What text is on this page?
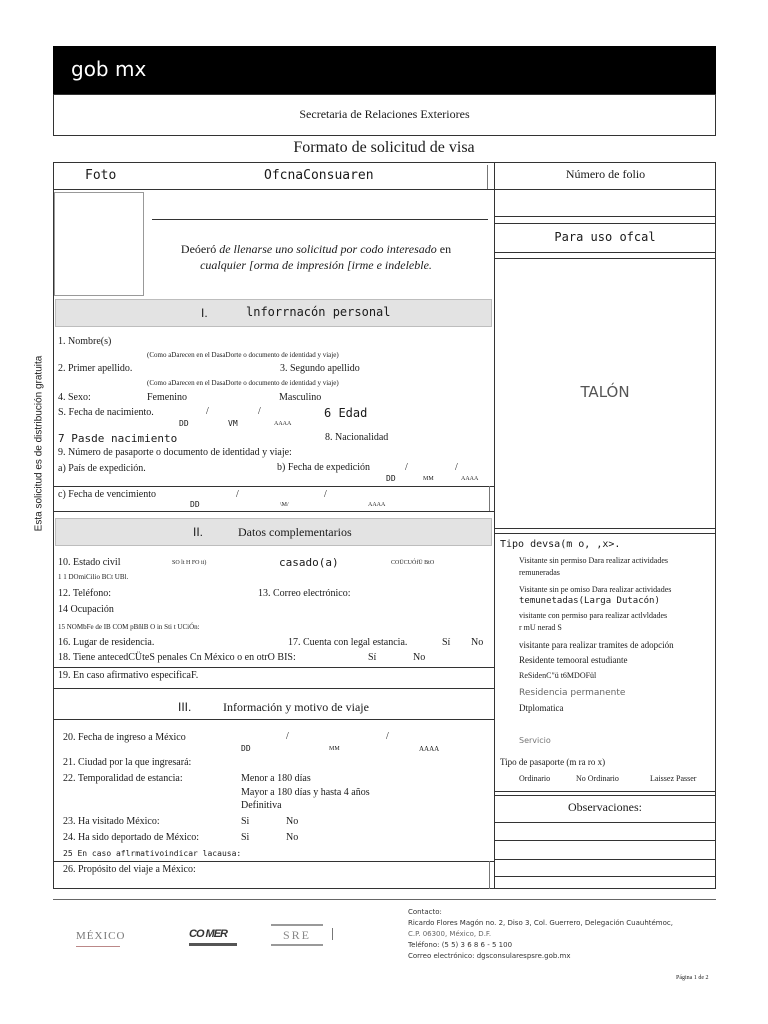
gob mx
Secretaria de Relaciones Exteriores
Formato de solicitud de visa
Foto	OfcnaConsuaren	Número de folio
Deóeró de llenarse uno solicitud por codo interesado en
cualquier [orma de impresión [irme e indeleble.
Para uso ofcal
TALÓN
Esta solicitud es de distribución gratuita
I.	lnforrnacón personal
1. Nombre(s)
(Como aDarecen en el DasaDorte o documento de identidad y viaje)
2. Primer apellido.	3. Segundo apellido
(Como aDarecen en el DasaDorte o documento de identidad y viaje)
4. Sexo:	Femenino	Masculino
S. Fecha de nacimiento.	/	/	6 Edad
DD	VM	AAAA
7 Pasde nacimiento	8. Nacionalidad
9. Número de pasaporte o documento de identidad y viaje:
a) País de expedición.	b) Fecha de expedición	/	/
DD	MM	AAAA
c) Fecha de vencimiento	/	/
DD	\M/	AAAA
II.	Datos complementarios
10. Estado civil	SO lt H FO ii)	casado(a)	COÜCUÓfÜ BtO
1 1 DOmiCilio BCt UBl.
12. Teléfono:	13. Correo electrónico:
14 Ocupación
15 NOMbFe de IB COM pBñlB O in Sti t UCiÓn:
16. Lugar de residencia.	17. Cuenta con legal estancia.	Sí No
18. Tiene antecedCÜteS penales Cn México o en otrO BIS:	Sí	No
19. En caso afirmativo especificaF.
III.	Información y motivo de viaje
20. Fecha de ingreso a México	/	/
DD	MM	AAAA
21. Ciudad por la que ingresará:
22. Temporalidad de estancia:	Menor a 180 días
Mayor a 180 días y hasta 4 años
Definitiva
23. Ha visitado México:	Si	No
24. Ha sido deportado de México:	Si	No
25 En caso aflrmativoindicar lacausa:
26. Propósito del viaje a México:
Tipo devsa(m o, ,x>.
Visitante sin permiso Dara realizar actividades
remuneradas
Visitante sin pe omiso Dara realizar actividades
temunetadas(Larga Dutacón)
visitante con permiso para realizar actlvldades
r mU nerad S
visitante para realizar tramites de adopción
Residente temooral estudiante
ReSidenC"ü t6MDOFül
Residencia permanente
Dtplomatica
Servicio
Tipo de pasaporte (m ra ro x)
Ordinario	No Ordinario	Laissez Passer
Observaciones:
MÉXICO	CO MER	SRE
Contacto:
Ricardo Flores Magón no. 2, Diso 3, Col. Guerrero, Delegación Cuauhtémoc,
C.P. 06300, México, D.F.
Teléfono: (5 5) 3 6 8 6 - 5 100
Correo electrónico: dgsconsularespsre.gob.mx
Página 1 de 2
